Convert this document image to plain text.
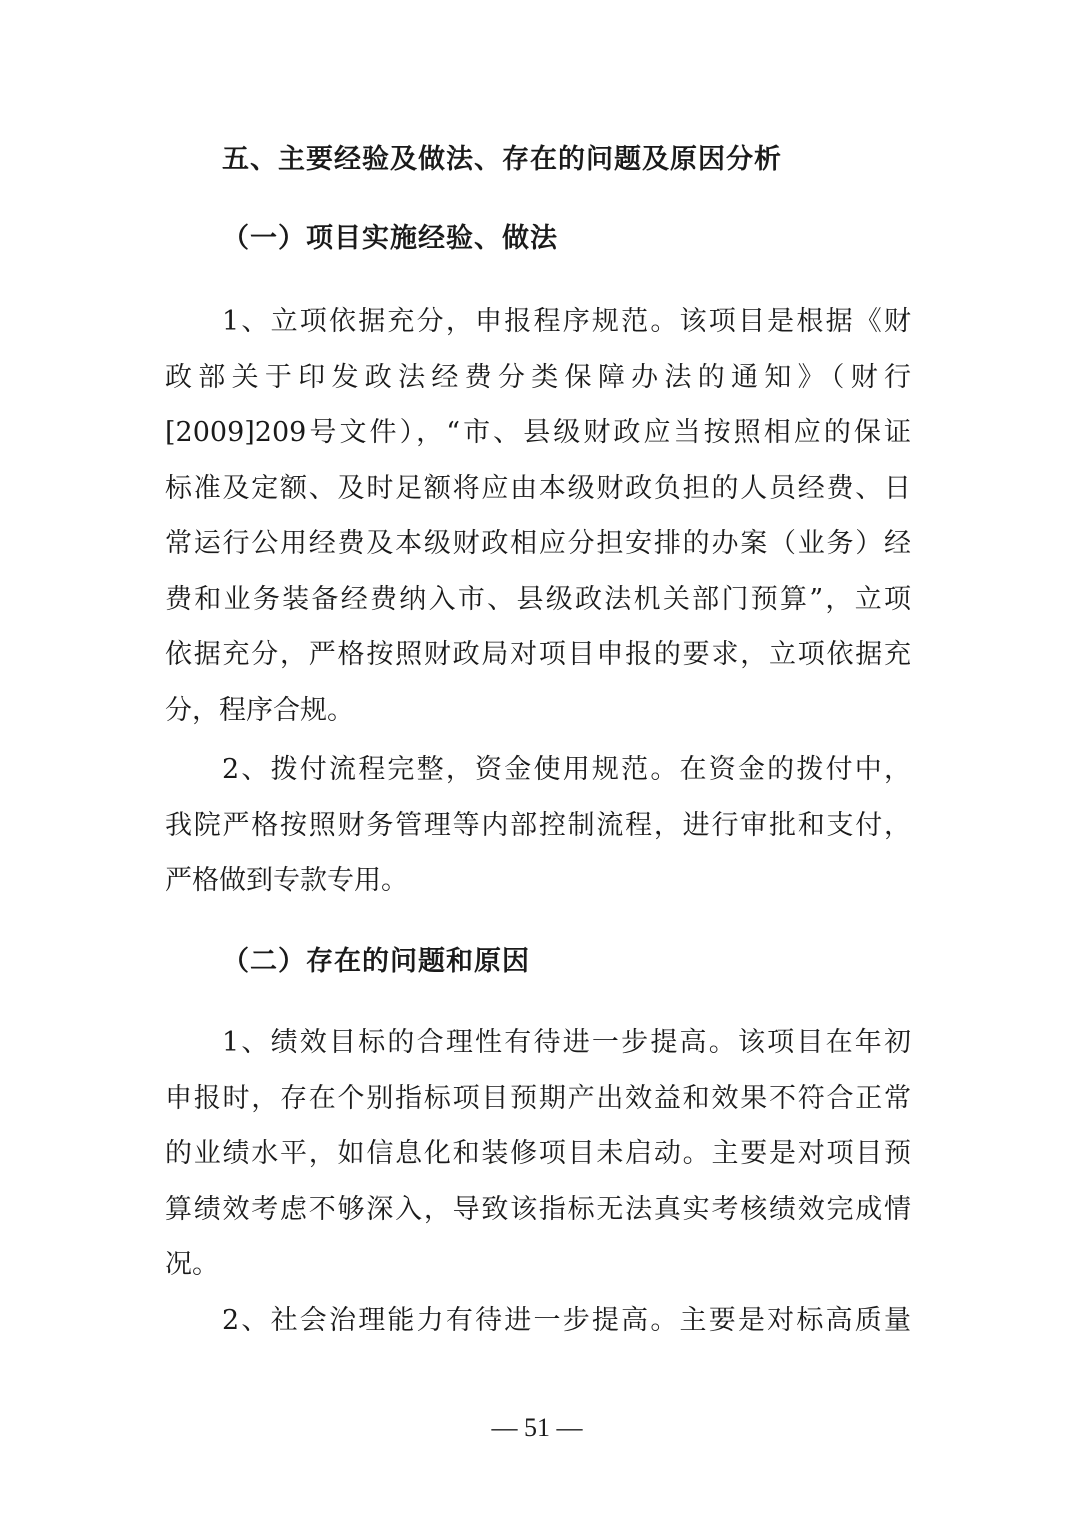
五、主要经验及做法、存在的问题及原因分析
（一）项目实施经验、做法
1、立项依据充分，申报程序规范。该项目是根据《财
政部关于印发政法经费分类保障办法的通知》（财行
[2009]209号文件），“市、县级财政应当按照相应的保证
标准及定额、及时足额将应由本级财政负担的人员经费、日
常运行公用经费及本级财政相应分担安排的办案（业务）经
费和业务装备经费纳入市、县级政法机关部门预算”，立项
依据充分，严格按照财政局对项目申报的要求，立项依据充
分，程序合规。
2、拨付流程完整，资金使用规范。在资金的拨付中，
我院严格按照财务管理等内部控制流程，进行审批和支付，
严格做到专款专用。
（二）存在的问题和原因
1、绩效目标的合理性有待进一步提高。该项目在年初
申报时，存在个别指标项目预期产出效益和效果不符合正常
的业绩水平，如信息化和装修项目未启动。主要是对项目预
算绩效考虑不够深入，导致该指标无法真实考核绩效完成情
况。
2、社会治理能力有待进一步提高。主要是对标高质量
— 51 —
